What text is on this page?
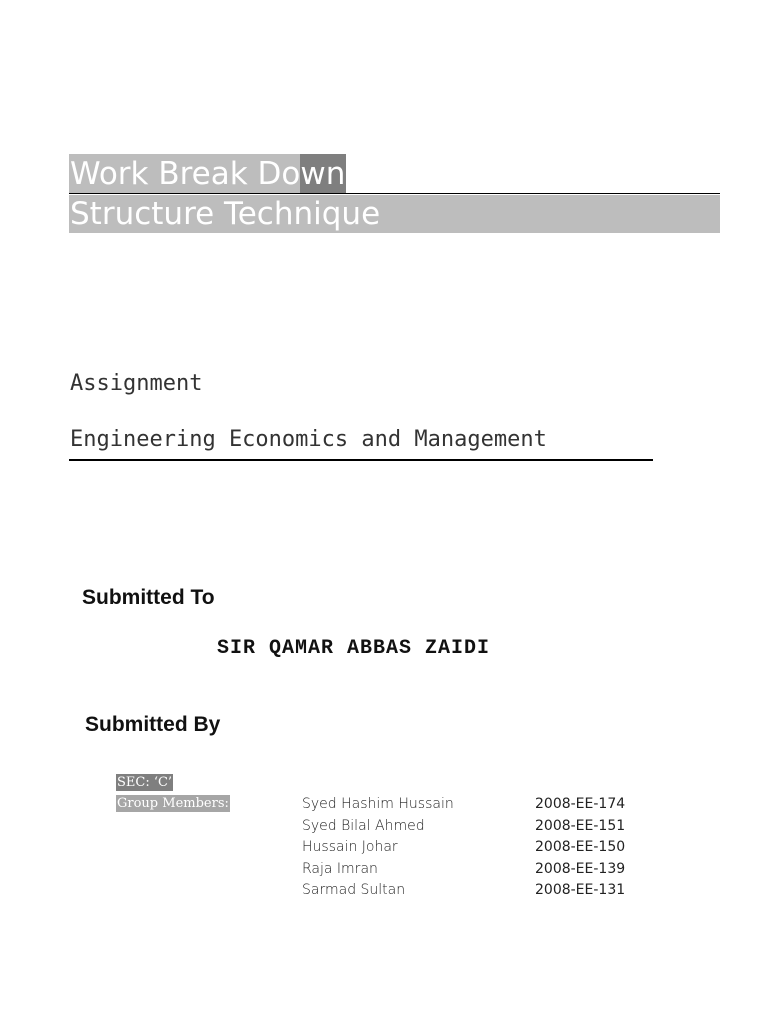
Work Break Down
Structure Technique
Assignment
Engineering Economics and Management
Submitted To
SIR QAMAR ABBAS ZAIDI
Submitted By
SEC: ‘C’
Group Members:	Syed Hashim Hussain	2008-EE-174
Syed Bilal Ahmed	2008-EE-151
Hussain Johar	2008-EE-150
Raja Imran	2008-EE-139
Sarmad Sultan	2008-EE-131
